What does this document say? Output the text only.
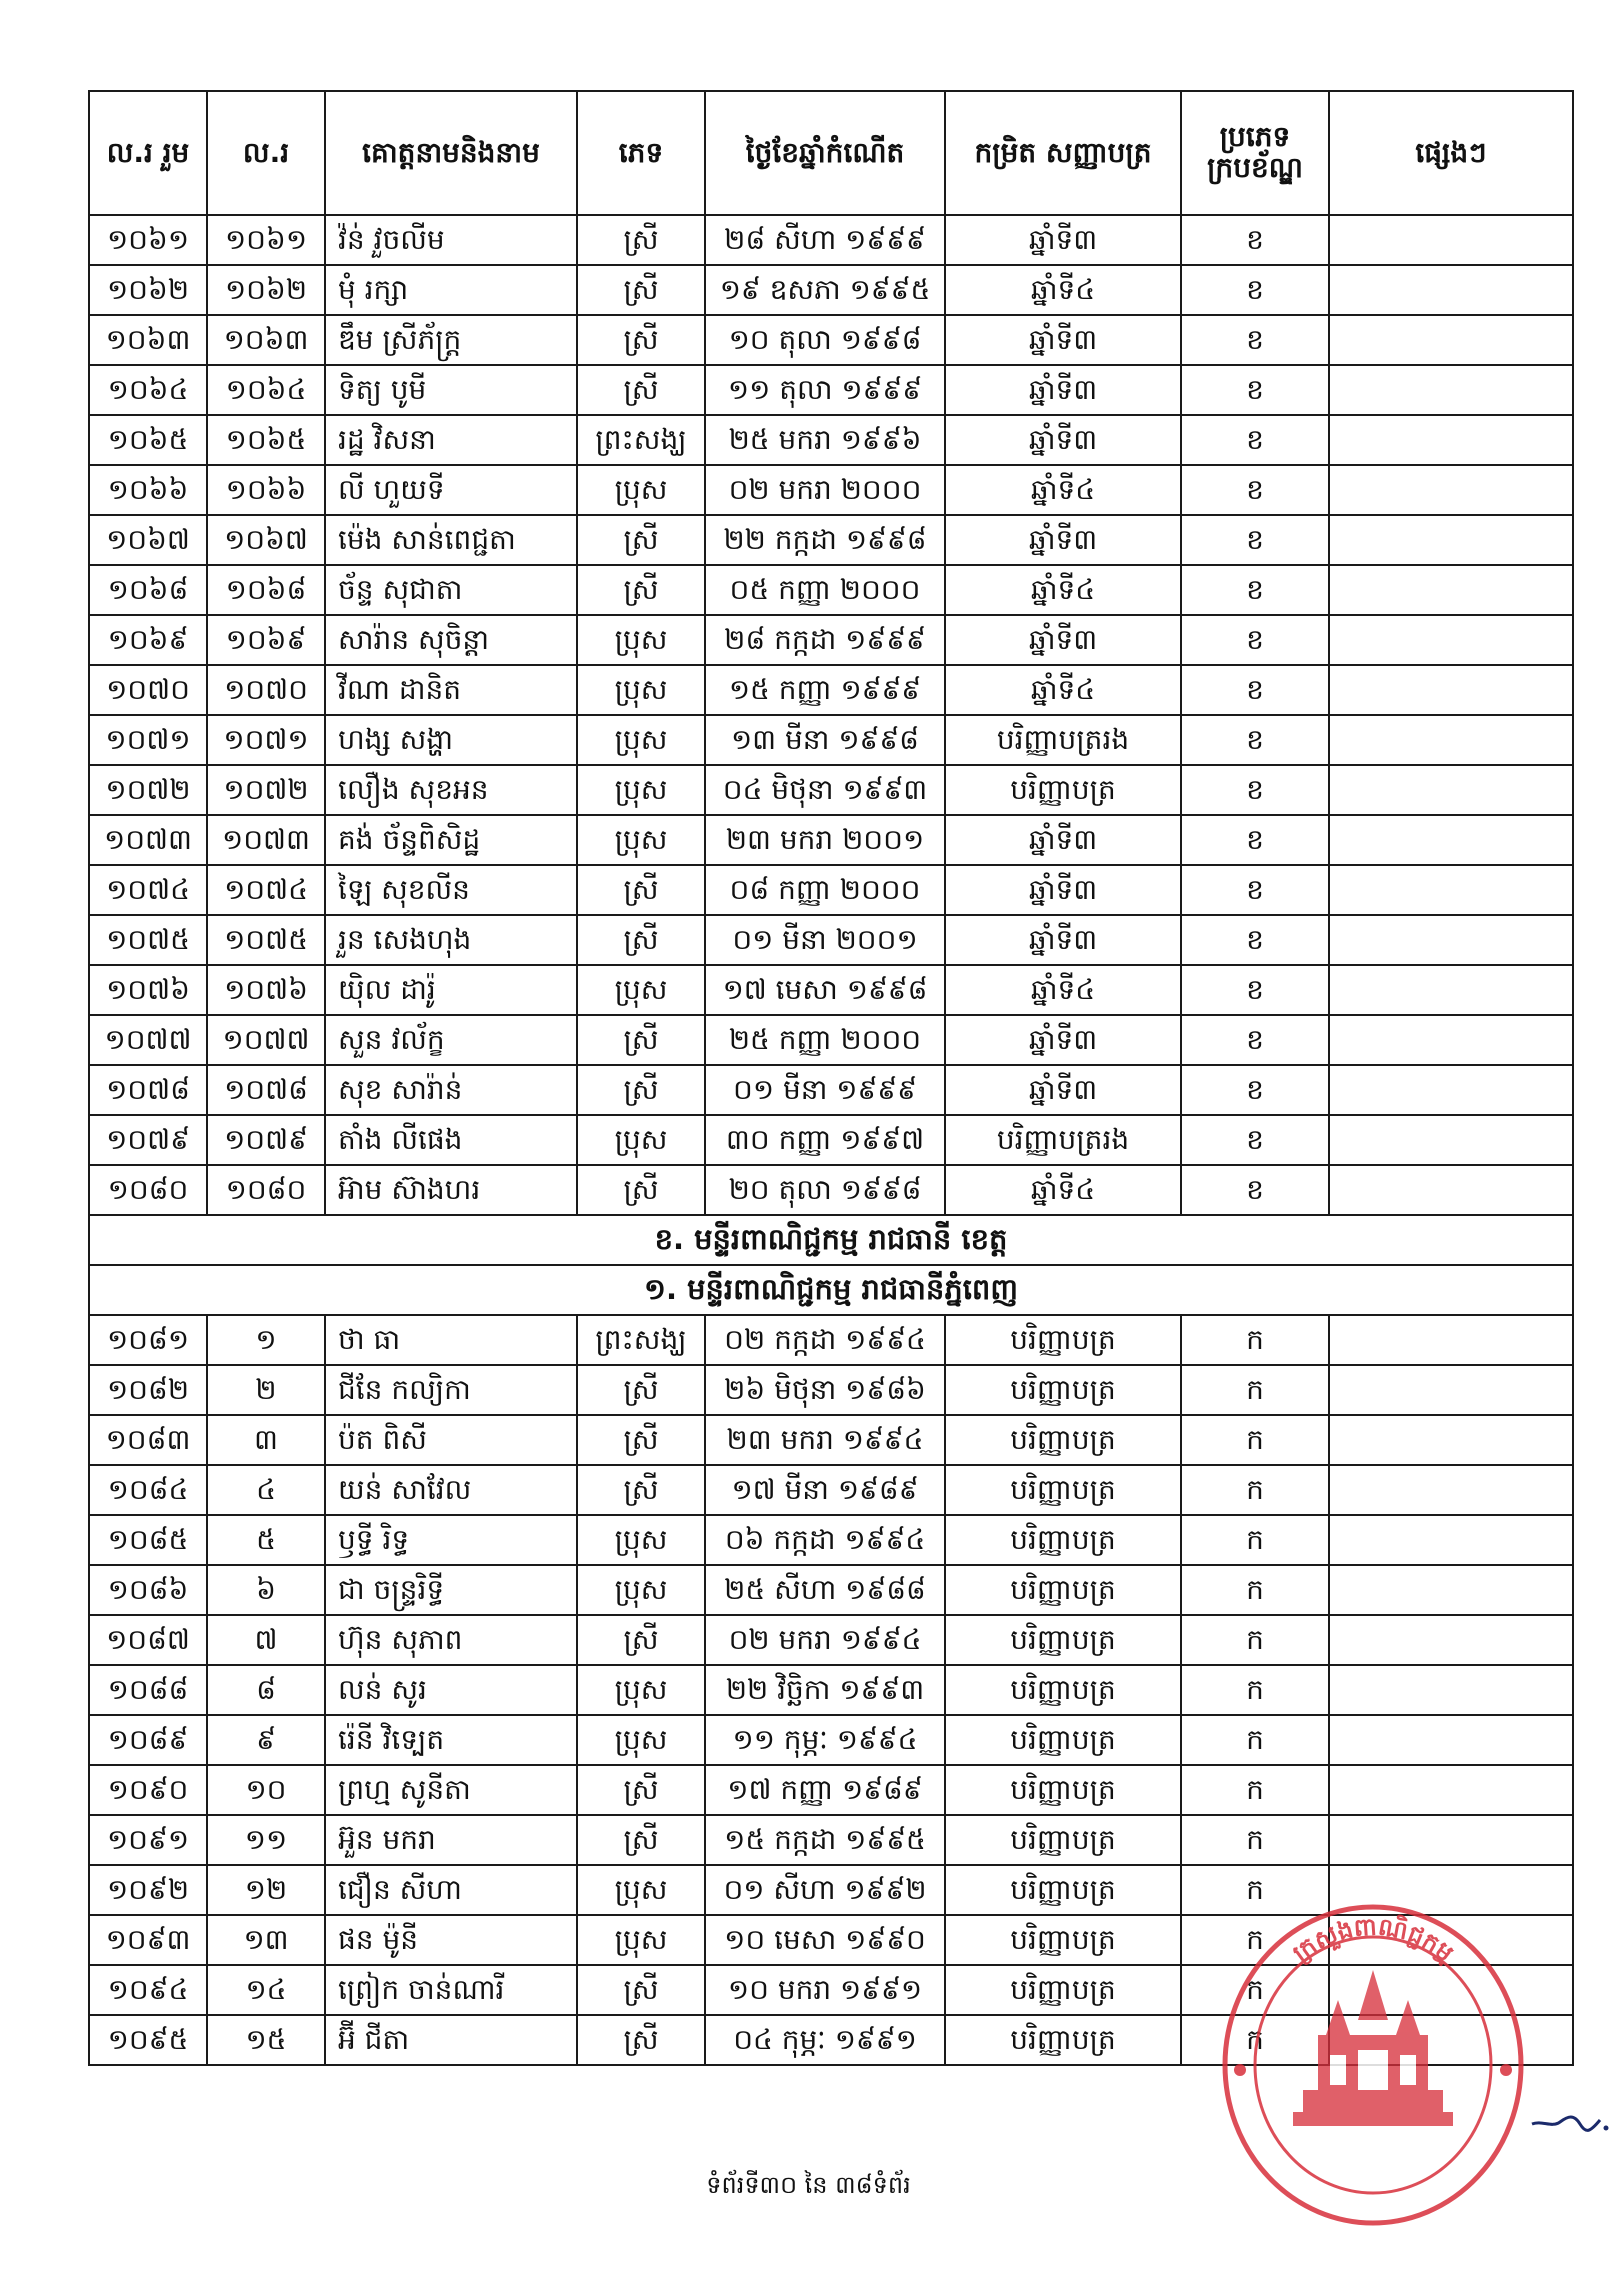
ល.រ រួម	ល.រ	គោត្តនាមនិងនាម	ភេទ	ថ្ងៃខែឆ្នាំកំណើត	កម្រិត សញ្ញាបត្រ	ប្រភេទ ក្របខ័ណ្ឌ	ផ្សេងៗ
១០៦១	១០៦១	វ៉ន់ វួចលីម	ស្រី	២៨ សីហា ១៩៩៩	ឆ្នាំទី៣	ខ	
១០៦២	១០៦២	មុំ រក្សា	ស្រី	១៩ ឧសភា ១៩៩៥	ឆ្នាំទី៤	ខ	
១០៦៣	១០៦៣	ឌឹម ស្រីភ័ក្ត្រ	ស្រី	១០ តុលា ១៩៩៨	ឆ្នាំទី៣	ខ	
១០៦៤	១០៦៤	ទិត្យ បូមី	ស្រី	១១ តុលា ១៩៩៩	ឆ្នាំទី៣	ខ	
១០៦៥	១០៦៥	រដ្ឋ វិសនា	ព្រះសង្ឃ	២៥ មករា ១៩៩៦	ឆ្នាំទី៣	ខ	
១០៦៦	១០៦៦	លី ហួយទី	ប្រុស	០២ មករា ២០០០	ឆ្នាំទី៤	ខ	
១០៦៧	១០៦៧	ម៉េង សាន់ពេជ្ជតា	ស្រី	២២ កក្កដា ១៩៩៨	ឆ្នាំទី៣	ខ	
១០៦៨	១០៦៨	ច័ន្ទ សុជាតា	ស្រី	០៥ កញ្ញា ២០០០	ឆ្នាំទី៤	ខ	
១០៦៩	១០៦៩	សារ៉ាន សុចិន្តា	ប្រុស	២៨ កក្កដា ១៩៩៩	ឆ្នាំទី៣	ខ	
១០៧០	១០៧០	វីណា ដានិត	ប្រុស	១៥ កញ្ញា ១៩៩៩	ឆ្នាំទី៤	ខ	
១០៧១	១០៧១	ហង្ស សង្ហា	ប្រុស	១៣ មីនា ១៩៩៨	បរិញ្ញាបត្ររង	ខ	
១០៧២	១០៧២	លឿង សុខអន	ប្រុស	០៤ មិថុនា ១៩៩៣	បរិញ្ញាបត្រ	ខ	
១០៧៣	១០៧៣	គង់ ច័ន្ទពិសិដ្ឋ	ប្រុស	២៣ មករា ២០០១	ឆ្នាំទី៣	ខ	
១០៧៤	១០៧៤	ឡៃ សុខលីន	ស្រី	០៨ កញ្ញា ២០០០	ឆ្នាំទី៣	ខ	
១០៧៥	១០៧៥	រួន សេងហុង	ស្រី	០១ មីនា ២០០១	ឆ្នាំទី៣	ខ	
១០៧៦	១០៧៦	យ៉ិល ដារ៉ូ	ប្រុស	១៧ មេសា ១៩៩៨	ឆ្នាំទី៤	ខ	
១០៧៧	១០៧៧	សួន វល័ក្ខ	ស្រី	២៥ កញ្ញា ២០០០	ឆ្នាំទី៣	ខ	
១០៧៨	១០៧៨	សុខ សារ៉ាន់	ស្រី	០១ មីនា ១៩៩៩	ឆ្នាំទី៣	ខ	
១០៧៩	១០៧៩	តាំង លីផេង	ប្រុស	៣០ កញ្ញា ១៩៩៧	បរិញ្ញាបត្ររង	ខ	
១០៨០	១០៨០	អ៊ាម ស៊ាងហរ	ស្រី	២០ តុលា ១៩៩៨	ឆ្នាំទី៤	ខ	
ខ. មន្ទីរពាណិជ្ជកម្ម រាជធានី ខេត្ត							
១. មន្ទីរពាណិជ្ជកម្ម រាជធានីភ្នំពេញ							
១០៨១	១	ថា ធា	ព្រះសង្ឃ	០២ កក្កដា ១៩៩៤	បរិញ្ញាបត្រ	ក	
១០៨២	២	ជីនែ កល្យិកា	ស្រី	២៦ មិថុនា ១៩៨៦	បរិញ្ញាបត្រ	ក	
១០៨៣	៣	ប៉ត ពិសី	ស្រី	២៣ មករា ១៩៩៤	បរិញ្ញាបត្រ	ក	
១០៨៤	៤	យន់ សាវែល	ស្រី	១៧ មីនា ១៩៨៩	បរិញ្ញាបត្រ	ក	
១០៨៥	៥	ឫទ្ធី រិទ្ធ	ប្រុស	០៦ កក្កដា ១៩៩៤	បរិញ្ញាបត្រ	ក	
១០៨៦	៦	ជា ចន្ទ្ររិទ្ធី	ប្រុស	២៥ សីហា ១៩៨៨	បរិញ្ញាបត្រ	ក	
១០៨៧	៧	ហ៊ុន សុភាព	ស្រី	០២ មករា ១៩៩៤	បរិញ្ញាបត្រ	ក	
១០៨៨	៨	លន់ សូរ	ប្រុស	២២ វិច្ឆិកា ១៩៩៣	បរិញ្ញាបត្រ	ក	
១០៨៩	៩	រ៉េនី វិទ្បេត	ប្រុស	១១ កុម្ភៈ ១៩៩៤	បរិញ្ញាបត្រ	ក	
១០៩០	១០	ព្រហ្ម សូនីតា	ស្រី	១៧ កញ្ញា ១៩៨៩	បរិញ្ញាបត្រ	ក	
១០៩១	១១	អ៊ួន មករា	ស្រី	១៥ កក្កដា ១៩៩៥	បរិញ្ញាបត្រ	ក	
១០៩២	១២	ជឿន សីហា	ប្រុស	០១ សីហា ១៩៩២	បរិញ្ញាបត្រ	ក	
១០៩៣	១៣	ផន ម៉ូនី	ប្រុស	១០ មេសា ១៩៩០	បរិញ្ញាបត្រ	ក	
១០៩៤	១៤	ព្រៀក ចាន់ណារី	ស្រី	១០ មករា ១៩៩១	បរិញ្ញាបត្រ	ក	
១០៩៥	១៥	អ៊ី ជីតា	ស្រី	០៤ កុម្ភៈ ១៩៩១	បរិញ្ញាបត្រ	ក	
ទំព័រទី៣០ នៃ ៣៨ទំព័រ
ក្រសួងពាណិជ្ជកម្ម
